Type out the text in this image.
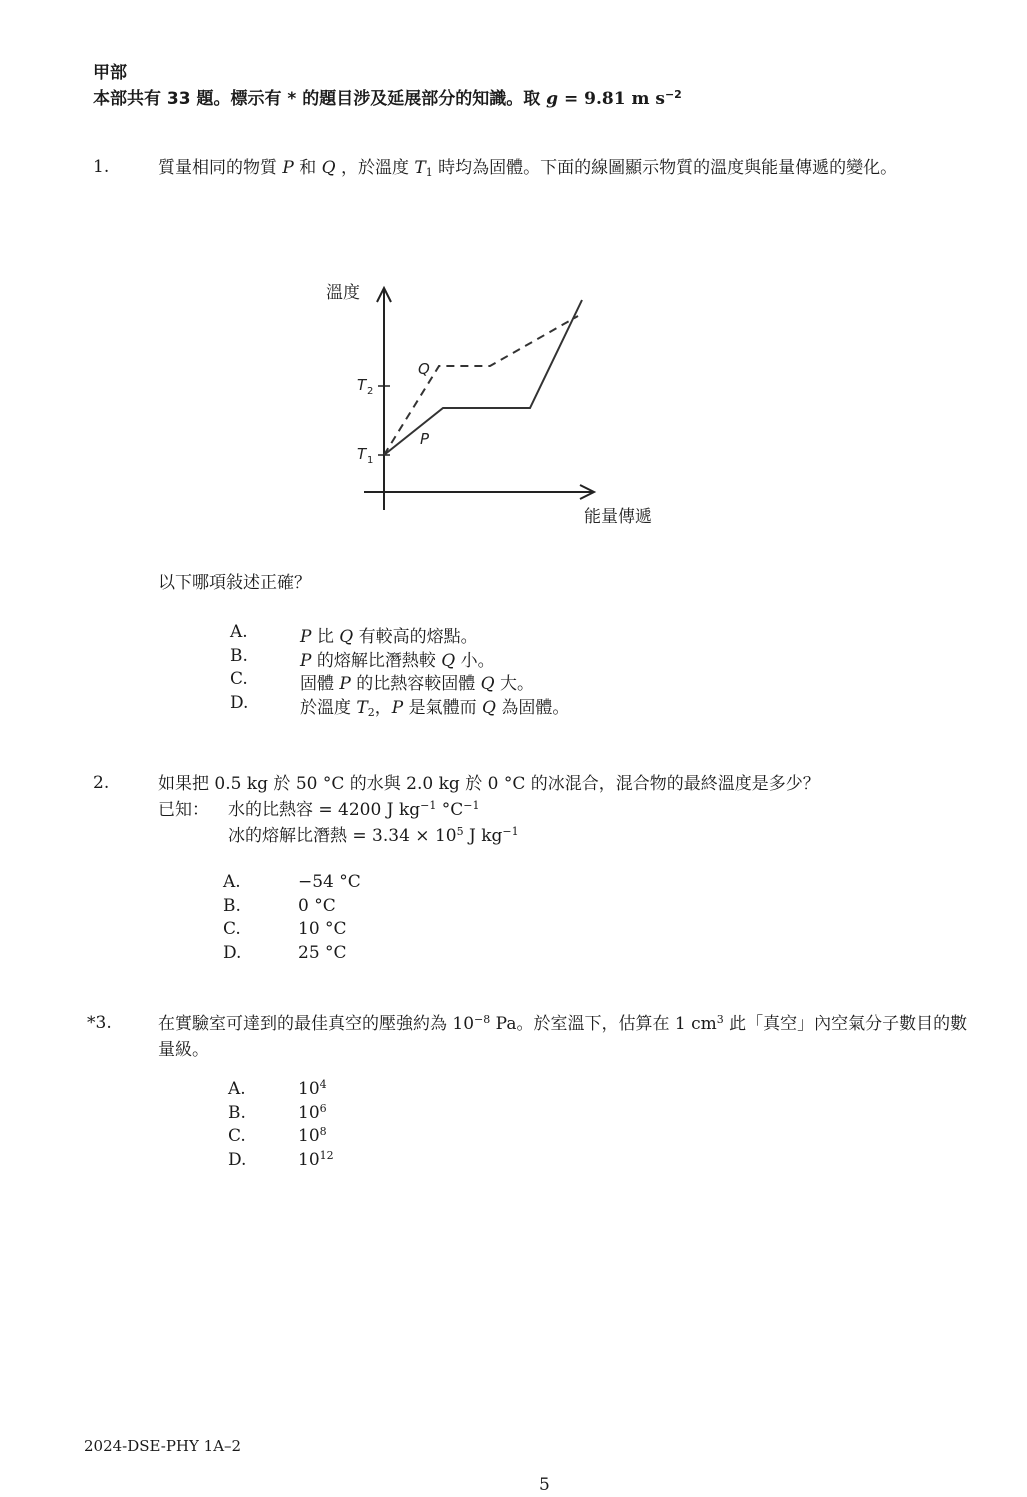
甲部
本部共有 33 題。標示有 * 的題目涉及延展部分的知識。取 g = 9.81 m $s^{-2}$
1.	質量相同的物質 P 和 Q ，於溫度 $T_1$ 時均為固體。下面的線圖顯示物質的溫度與能量傳遞的變化。
溫度
能量傳遞
T 2
T 1
P
Q
以下哪項敍述正確？
A.	P 比 Q 有較高的熔點。
B.	P 的熔解比潛熱較 Q 小。
C.	固體 P 的比熱容較固體 Q 大。
D.	於溫度 $T_2$，P 是氣體而 Q 為固體。
2.	如果把 0.5 kg 於 50 °C 的水與 2.0 kg 於 0 °C 的冰混合，混合物的最終溫度是多少？
已知： 水的比熱容 = 4200 J $kg^{-1}$ $^\circ C^{-1}$
冰的熔解比潛熱 = $3.34 \times 10^5$ J $kg^{-1}$
A.	−54 °C
B.	0 °C
C.	10 °C
D.	25 °C
*3.	在實驗室可達到的最佳真空的壓強約為 $10^{-8}$ Pa。於室溫下，估算在 1 $cm^3$ 此「真空」內空氣分子數目的數量級。
A.	$10^4$
B.	$10^6$
C.	$10^8$
D.	$10^{12}$
2024-DSE-PHY 1A–2
5
